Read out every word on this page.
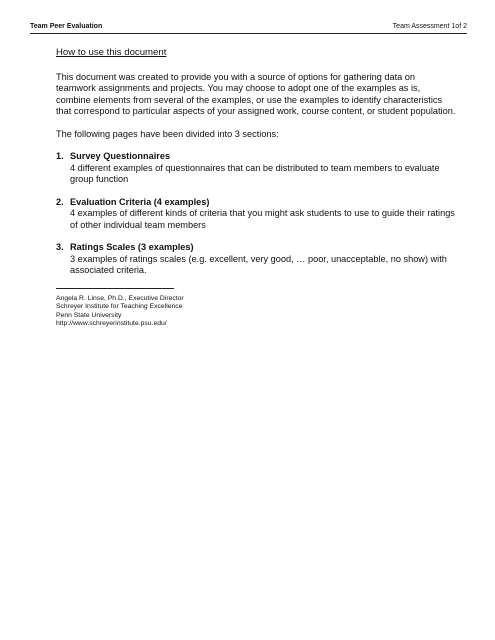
Team Peer Evaluation	Team Assessment 1of 2
How to use this document

This document was created to provide you with a source of options for gathering data on teamwork assignments and projects. You may choose to adopt one of the examples as is, combine elements from several of the examples, or use the examples to identify characteristics that correspond to particular aspects of your assigned work, course content, or student population.

The following pages have been divided into 3 sections:

1. Survey Questionnaires
4 different examples of questionnaires that can be distributed to team members to evaluate group function
2. Evaluation Criteria (4 examples)
4 examples of different kinds of criteria that you might ask students to use to guide their ratings of other individual team members
3. Ratings Scales (3 examples)
3 examples of ratings scales (e.g. excellent, very good, … poor, unacceptable, no show) with associated criteria.
Angela R. Linse, Ph.D., Executive Director
Schreyer Institute for Teaching Excellence
Penn State University
http://www.schreyerinstitute.psu.edu/
